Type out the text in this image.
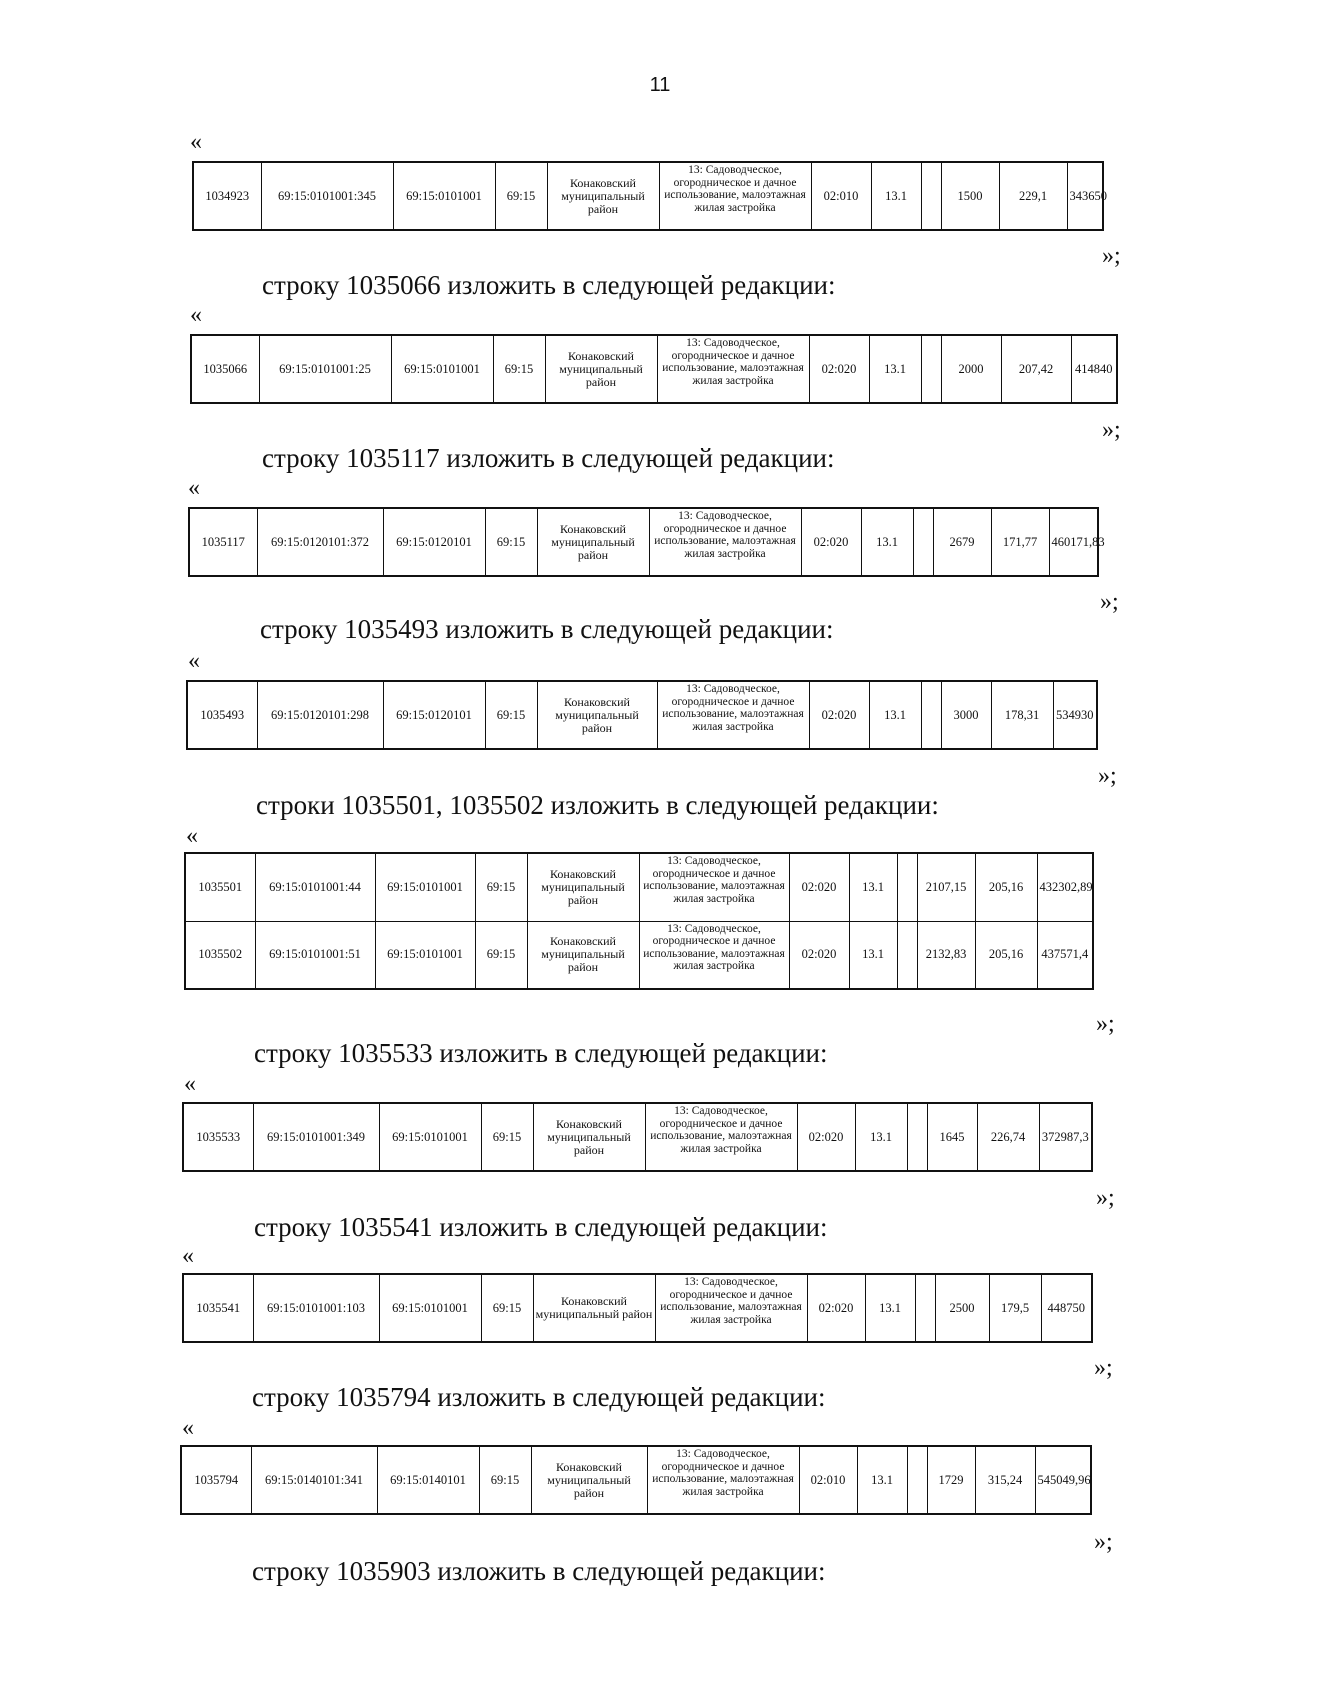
11
«
1034923	69:15:0101001:345	69:15:0101001	69:15	Конаковский муниципальный район	13: Садоводческое, огородническое и дачное использование, малоэтажная жилая застройка	02:010	13.1		1500	229,1	343650
»;
строку 1035066 изложить в следующей редакции:
«
1035066	69:15:0101001:25	69:15:0101001	69:15	Конаковский муниципальный район	13: Садоводческое, огородническое и дачное использование, малоэтажная жилая застройка	02:020	13.1		2000	207,42	414840
»;
строку 1035117 изложить в следующей редакции:
«
1035117	69:15:0120101:372	69:15:0120101	69:15	Конаковский муниципальный район	13: Садоводческое, огородническое и дачное использование, малоэтажная жилая застройка	02:020	13.1		2679	171,77	460171,83
»;
строку 1035493 изложить в следующей редакции:
«
1035493	69:15:0120101:298	69:15:0120101	69:15	Конаковский муниципальный район	13: Садоводческое, огородническое и дачное использование, малоэтажная жилая застройка	02:020	13.1		3000	178,31	534930
»;
строки 1035501, 1035502 изложить в следующей редакции:
«
1035501	69:15:0101001:44	69:15:0101001	69:15	Конаковский муниципальный район	13: Садоводческое, огородническое и дачное использование, малоэтажная жилая застройка	02:020	13.1		2107,15	205,16	432302,89
1035502	69:15:0101001:51	69:15:0101001	69:15	Конаковский муниципальный район	13: Садоводческое, огородническое и дачное использование, малоэтажная жилая застройка	02:020	13.1		2132,83	205,16	437571,4
»;
строку 1035533 изложить в следующей редакции:
«
1035533	69:15:0101001:349	69:15:0101001	69:15	Конаковский муниципальный район	13: Садоводческое, огородническое и дачное использование, малоэтажная жилая застройка	02:020	13.1		1645	226,74	372987,3
»;
строку 1035541 изложить в следующей редакции:
«
1035541	69:15:0101001:103	69:15:0101001	69:15	Конаковский муниципальный район	13: Садоводческое, огородническое и дачное использование, малоэтажная жилая застройка	02:020	13.1		2500	179,5	448750
»;
строку 1035794 изложить в следующей редакции:
«
1035794	69:15:0140101:341	69:15:0140101	69:15	Конаковский муниципальный район	13: Садоводческое, огородническое и дачное использование, малоэтажная жилая застройка	02:010	13.1		1729	315,24	545049,96
»;
строку 1035903 изложить в следующей редакции:
